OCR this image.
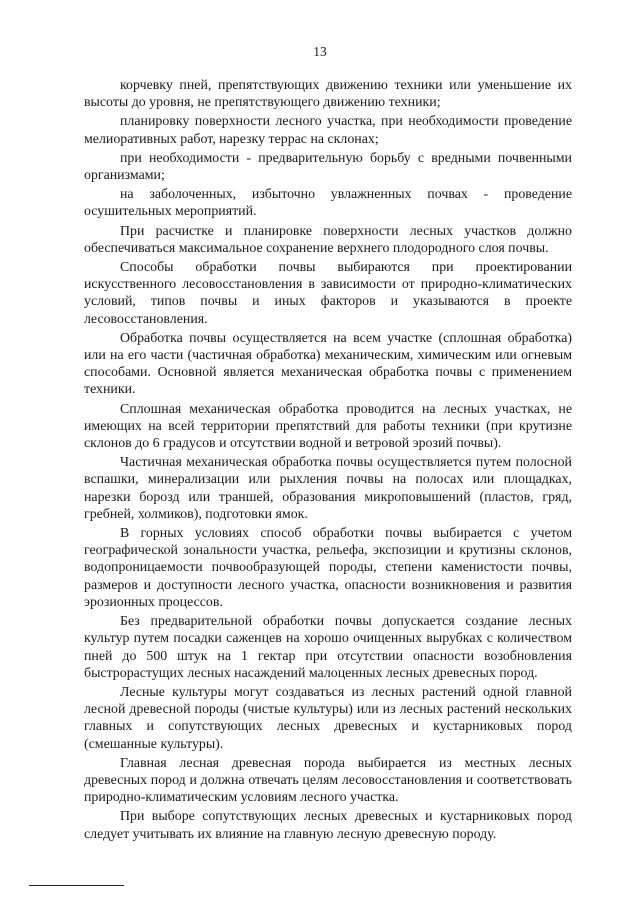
13

корчевку пней, препятствующих движению техники или уменьшение их высоты до уровня, не препятствующего движению техники;

планировку поверхности лесного участка, при необходимости проведение мелиоративных работ, нарезку террас на склонах;

при необходимости - предварительную борьбу с вредными почвенными организмами;

на заболоченных, избыточно увлажненных почвах - проведение осушительных мероприятий.

При расчистке и планировке поверхности лесных участков должно обеспечиваться максимальное сохранение верхнего плодородного слоя почвы.

Способы обработки почвы выбираются при проектировании искусственного лесовосстановления в зависимости от природно-климатических условий, типов почвы и иных факторов и указываются в проекте лесовосстановления.

Обработка почвы осуществляется на всем участке (сплошная обработка) или на его части (частичная обработка) механическим, химическим или огневым способами. Основной является механическая обработка почвы с применением техники.

Сплошная механическая обработка проводится на лесных участках, не имеющих на всей территории препятствий для работы техники (при крутизне склонов до 6 градусов и отсутствии водной и ветровой эрозий почвы).

Частичная механическая обработка почвы осуществляется путем полосной вспашки, минерализации или рыхления почвы на полосах или площадках, нарезки борозд или траншей, образования микроповышений (пластов, гряд, гребней, холмиков), подготовки ямок.

В горных условиях способ обработки почвы выбирается с учетом географической зональности участка, рельефа, экспозиции и крутизны склонов, водопроницаемости почвообразующей породы, степени каменистости почвы, размеров и доступности лесного участка, опасности возникновения и развития эрозионных процессов.

Без предварительной обработки почвы допускается создание лесных культур путем посадки саженцев на хорошо очищенных вырубках с количеством пней до 500 штук на 1 гектар при отсутствии опасности возобновления быстрорастущих лесных насаждений малоценных лесных древесных пород.

Лесные культуры могут создаваться из лесных растений одной главной лесной древесной породы (чистые культуры) или из лесных растений нескольких главных и сопутствующих лесных древесных и кустарниковых пород (смешанные культуры).

Главная лесная древесная порода выбирается из местных лесных древесных пород и должна отвечать целям лесовосстановления и соответствовать природно-климатическим условиям лесного участка.

При выборе сопутствующих лесных древесных и кустарниковых пород следует учитывать их влияние на главную лесную древесную породу.
